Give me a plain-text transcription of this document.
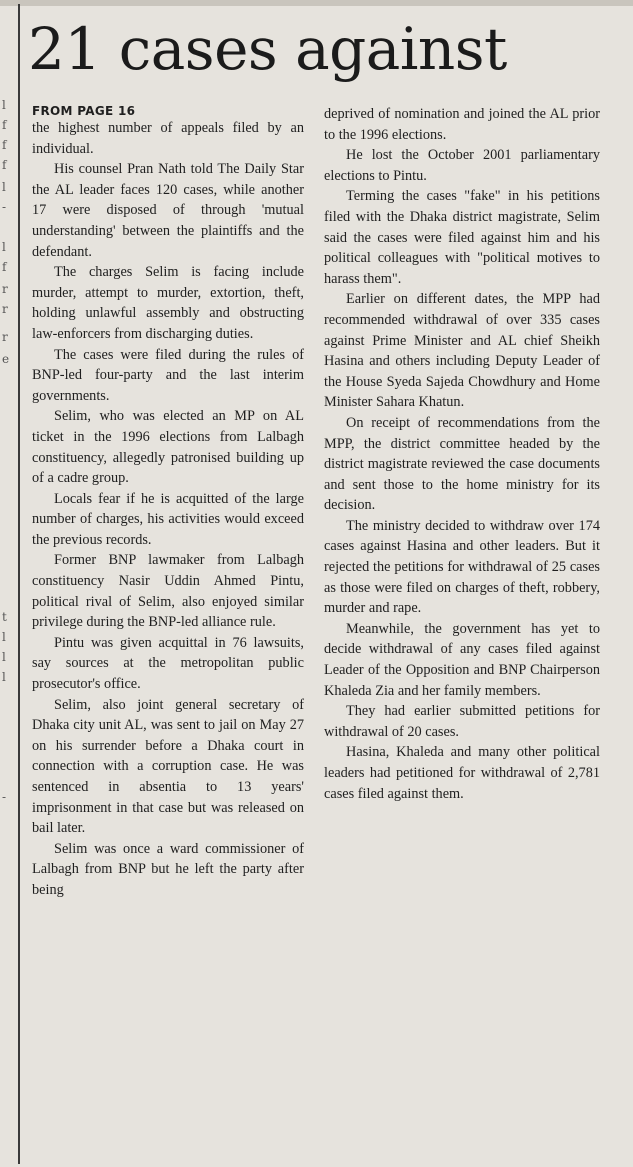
l
f
f
f
l
-
l
f
r
r
r
e
t
l
l
l
-
21 cases against
FROM PAGE 16

the highest number of appeals filed by an individual.

His counsel Pran Nath told The Daily Star the AL leader faces 120 cases, while another 17 were disposed of through 'mutual understanding' between the plaintiffs and the defendant.

The charges Selim is facing include murder, attempt to murder, extortion, theft, holding unlawful assembly and obstructing law-enforcers from discharging duties.

The cases were filed during the rules of BNP-led four-party and the last interim governments.

Selim, who was elected an MP on AL ticket in the 1996 elections from Lalbagh constituency, allegedly patronised building up of a cadre group.

Locals fear if he is acquitted of the large number of charges, his activities would exceed the previous records.

Former BNP lawmaker from Lalbagh constituency Nasir Uddin Ahmed Pintu, political rival of Selim, also enjoyed similar privilege during the BNP-led alliance rule.

Pintu was given acquittal in 76 lawsuits, say sources at the metropolitan public prosecutor's office.

Selim, also joint general secretary of Dhaka city unit AL, was sent to jail on May 27 on his surrender before a Dhaka court in connection with a corruption case. He was sentenced in absentia to 13 years' imprisonment in that case but was released on bail later.

Selim was once a ward commissioner of Lalbagh from BNP but he left the party after being

deprived of nomination and joined the AL prior to the 1996 elections.

He lost the October 2001 parliamentary elections to Pintu.

Terming the cases "fake" in his petitions filed with the Dhaka district magistrate, Selim said the cases were filed against him and his political colleagues with "political motives to harass them".

Earlier on different dates, the MPP had recommended withdrawal of over 335 cases against Prime Minister and AL chief Sheikh Hasina and others including Deputy Leader of the House Syeda Sajeda Chowdhury and Home Minister Sahara Khatun.

On receipt of recommendations from the MPP, the district committee headed by the district magistrate reviewed the case documents and sent those to the home ministry for its decision.

The ministry decided to withdraw over 174 cases against Hasina and other leaders. But it rejected the petitions for withdrawal of 25 cases as those were filed on charges of theft, robbery, murder and rape.

Meanwhile, the government has yet to decide withdrawal of any cases filed against Leader of the Opposition and BNP Chairperson Khaleda Zia and her family members.

They had earlier submitted petitions for withdrawal of 20 cases.

Hasina, Khaleda and many other political leaders had petitioned for withdrawal of 2,781 cases filed against them.
